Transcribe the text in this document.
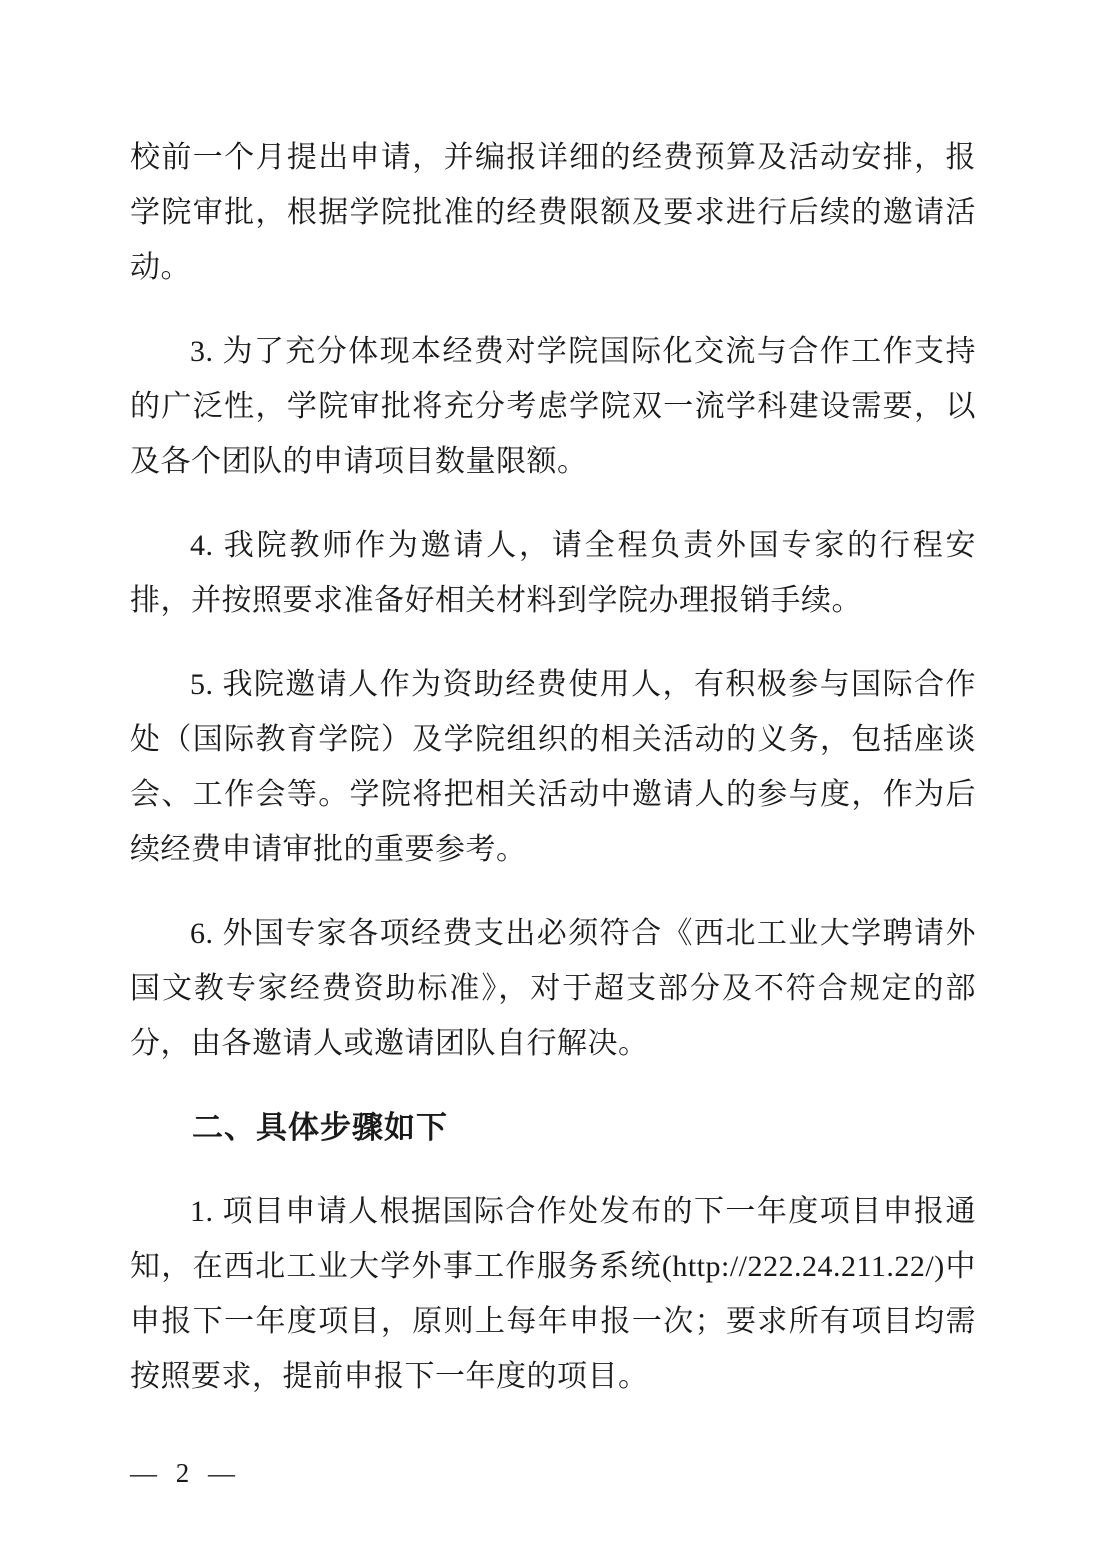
校前一个月提出申请，并编报详细的经费预算及活动安排，报学院审批，根据学院批准的经费限额及要求进行后续的邀请活动。

3. 为了充分体现本经费对学院国际化交流与合作工作支持的广泛性，学院审批将充分考虑学院双一流学科建设需要，以及各个团队的申请项目数量限额。

4. 我院教师作为邀请人，请全程负责外国专家的行程安排，并按照要求准备好相关材料到学院办理报销手续。

5. 我院邀请人作为资助经费使用人，有积极参与国际合作处（国际教育学院）及学院组织的相关活动的义务，包括座谈会、工作会等。学院将把相关活动中邀请人的参与度，作为后续经费申请审批的重要参考。

6. 外国专家各项经费支出必须符合《西北工业大学聘请外国文教专家经费资助标准》，对于超支部分及不符合规定的部分，由各邀请人或邀请团队自行解决。

二、具体步骤如下

1. 项目申请人根据国际合作处发布的下一年度项目申报通知，在西北工业大学外事工作服务系统(http://222.24.211.22/)中申报下一年度项目，原则上每年申报一次；要求所有项目均需按照要求，提前申报下一年度的项目。

— 2 —
